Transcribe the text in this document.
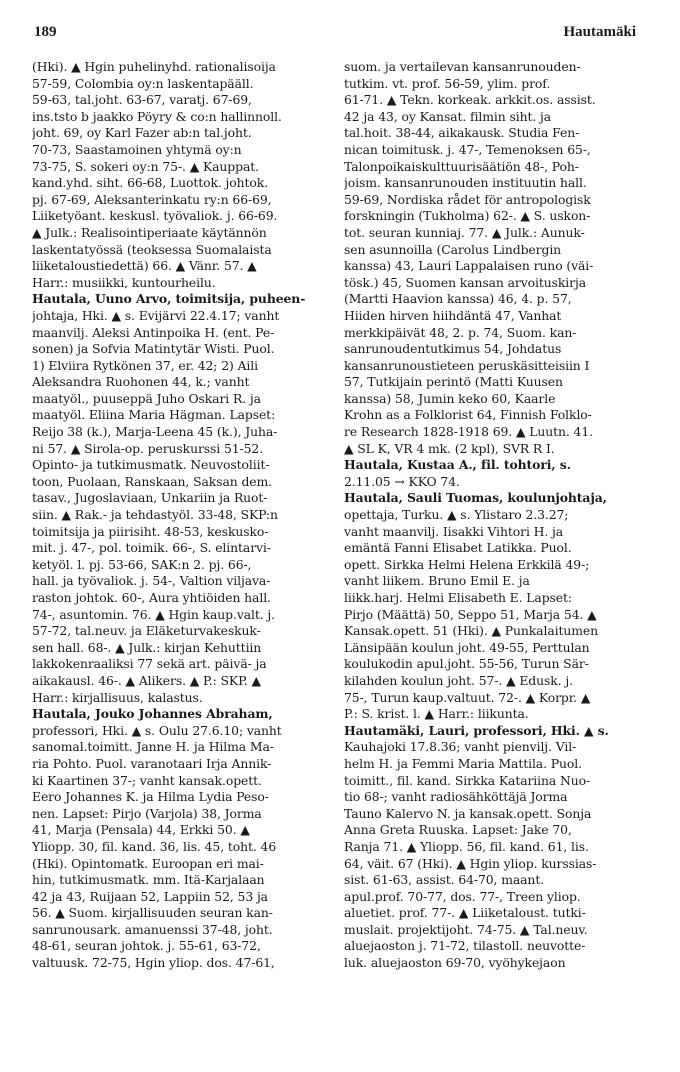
189	Hautamäki
(Hki). ▲ Hgin puhelinyhd. rationalisoija
57-59, Colombia oy:n laskentapääll.
59-63, tal.joht. 63-67, varatj. 67-69,
ins.tsto b jaakko Pöyry & co:n hallinnoll.
joht. 69, oy Karl Fazer ab:n tal.joht.
70-73, Saastamoinen yhtymä oy:n
73-75, S. sokeri oy:n 75-. ▲ Kauppat.
kand.yhd. siht. 66-68, Luottok. johtok.
pj. 67-69, Aleksanterinkatu ry:n 66-69,
Liiketyöant. keskusl. työvaliok. j. 66-69.
▲ Julk.: Realisointiperiaate käytännön
laskentatyössä (teoksessa Suomalaista
liiketaloustiedettä) 66. ▲ Vänr. 57. ▲
Harr.: musiikki, kuntourheilu.
Hautala, Uuno Arvo, toimitsija, puheen-
johtaja, Hki. ▲ s. Evijärvi 22.4.17; vanht
maanvilj. Aleksi Antinpoika H. (ent. Pe-
sonen) ja Sofvia Matintytär Wisti. Puol.
1) Elviira Rytkönen 37, er. 42; 2) Aili
Aleksandra Ruohonen 44, k.; vanht
maatyöl., puuseppä Juho Oskari R. ja
maatyöl. Eliina Maria Hägman. Lapset:
Reijo 38 (k.), Marja-Leena 45 (k.), Juha-
ni 57. ▲ Sirola-op. peruskurssi 51-52.
Opinto- ja tutkimusmatk. Neuvostoliit-
toon, Puolaan, Ranskaan, Saksan dem.
tasav., Jugoslaviaan, Unkariin ja Ruot-
siin. ▲ Rak.- ja tehdastyöl. 33-48, SKP:n
toimitsija ja piirisiht. 48-53, keskusko-
mit. j. 47-, pol. toimik. 66-, S. elintarvi-
ketyöl. l. pj. 53-66, SAK:n 2. pj. 66-,
hall. ja työvaliok. j. 54-, Valtion viljava-
raston johtok. 60-, Aura yhtiöiden hall.
74-, asuntomin. 76. ▲ Hgin kaup.valt. j.
57-72, tal.neuv. ja Eläketurvakeskuk-
sen hall. 68-. ▲ Julk.: kirjan Kehuttiin
lakkokenraaliksi 77 sekä art. päivä- ja
aikakausl. 46-. ▲ Alikers. ▲ P.: SKP. ▲
Harr.: kirjallisuus, kalastus.
Hautala, Jouko Johannes Abraham,
professori, Hki. ▲ s. Oulu 27.6.10; vanht
sanomal.toimitt. Janne H. ja Hilma Ma-
ria Pohto. Puol. varanotaari Irja Annik-
ki Kaartinen 37-; vanht kansak.opett.
Eero Johannes K. ja Hilma Lydia Peso-
nen. Lapset: Pirjo (Varjola) 38, Jorma
41, Marja (Pensala) 44, Erkki 50. ▲
Yliopp. 30, fil. kand. 36, lis. 45, toht. 46
(Hki). Opintomatk. Euroopan eri mai-
hin, tutkimusmatk. mm. Itä-Karjalaan
42 ja 43, Ruijaan 52, Lappiin 52, 53 ja
56. ▲ Suom. kirjallisuuden seuran kan-
sanrunousark. amanuenssi 37-48, joht.
48-61, seuran johtok. j. 55-61, 63-72,
valtuusk. 72-75, Hgin yliop. dos. 47-61,
suom. ja vertailevan kansanrunouden-
tutkim. vt. prof. 56-59, ylim. prof.
61-71. ▲ Tekn. korkeak. arkkit.os. assist.
42 ja 43, oy Kansat. filmin siht. ja
tal.hoit. 38-44, aikakausk. Studia Fen-
nican toimitusk. j. 47-, Temenoksen 65-,
Talonpoikaiskulttuurisäätiön 48-, Poh-
joism. kansanrunouden instituutin hall.
59-69, Nordiska rådet för antropologisk
forskningin (Tukholma) 62-. ▲ S. uskon-
tot. seuran kunniaj. 77. ▲ Julk.: Aunuk-
sen asunnoilla (Carolus Lindbergin
kanssa) 43, Lauri Lappalaisen runo (väi-
tösk.) 45, Suomen kansan arvoituskirja
(Martti Haavion kanssa) 46, 4. p. 57,
Hiiden hirven hiihdäntä 47, Vanhat
merkkipäivät 48, 2. p. 74, Suom. kan-
sanrunoudentutkimus 54, Johdatus
kansanrunoustieteen peruskäsitteisiin I
57, Tutkijain perintö (Matti Kuusen
kanssa) 58, Jumin keko 60, Kaarle
Krohn as a Folklorist 64, Finnish Folklo-
re Research 1828-1918 69. ▲ Luutn. 41.
▲ SL K, VR 4 mk. (2 kpl), SVR R I.
Hautala, Kustaa A., fil. tohtori, s.
2.11.05 → KKO 74.
Hautala, Sauli Tuomas, koulunjohtaja,
opettaja, Turku. ▲ s. Ylistaro 2.3.27;
vanht maanvilj. Iisakki Vihtori H. ja
emäntä Fanni Elisabet Latikka. Puol.
opett. Sirkka Helmi Helena Erkkilä 49-;
vanht liikem. Bruno Emil E. ja
liikk.harj. Helmi Elisabeth E. Lapset:
Pirjo (Määttä) 50, Seppo 51, Marja 54. ▲
Kansak.opett. 51 (Hki). ▲ Punkalaitumen
Länsipään koulun joht. 49-55, Perttulan
koulukodin apul.joht. 55-56, Turun Sär-
kilahden koulun joht. 57-. ▲ Edusk. j.
75-, Turun kaup.valtuut. 72-. ▲ Korpr. ▲
P.: S. krist. l. ▲ Harr.: liikunta.
Hautamäki, Lauri, professori, Hki. ▲ s.
Kauhajoki 17.8.36; vanht pienvilj. Vil-
helm H. ja Femmi Maria Mattila. Puol.
toimitt., fil. kand. Sirkka Katariina Nuo-
tio 68-; vanht radiosähköttäjä Jorma
Tauno Kalervo N. ja kansak.opett. Sonja
Anna Greta Ruuska. Lapset: Jake 70,
Ranja 71. ▲ Yliopp. 56, fil. kand. 61, lis.
64, väit. 67 (Hki). ▲ Hgin yliop. kurssias-
sist. 61-63, assist. 64-70, maant.
apul.prof. 70-77, dos. 77-, Treen yliop.
aluetiet. prof. 77-. ▲ Liiketaloust. tutki-
muslait. projektijoht. 74-75. ▲ Tal.neuv.
aluejaoston j. 71-72, tilastoll. neuvotte-
luk. aluejaoston 69-70, vyöhykejaon
